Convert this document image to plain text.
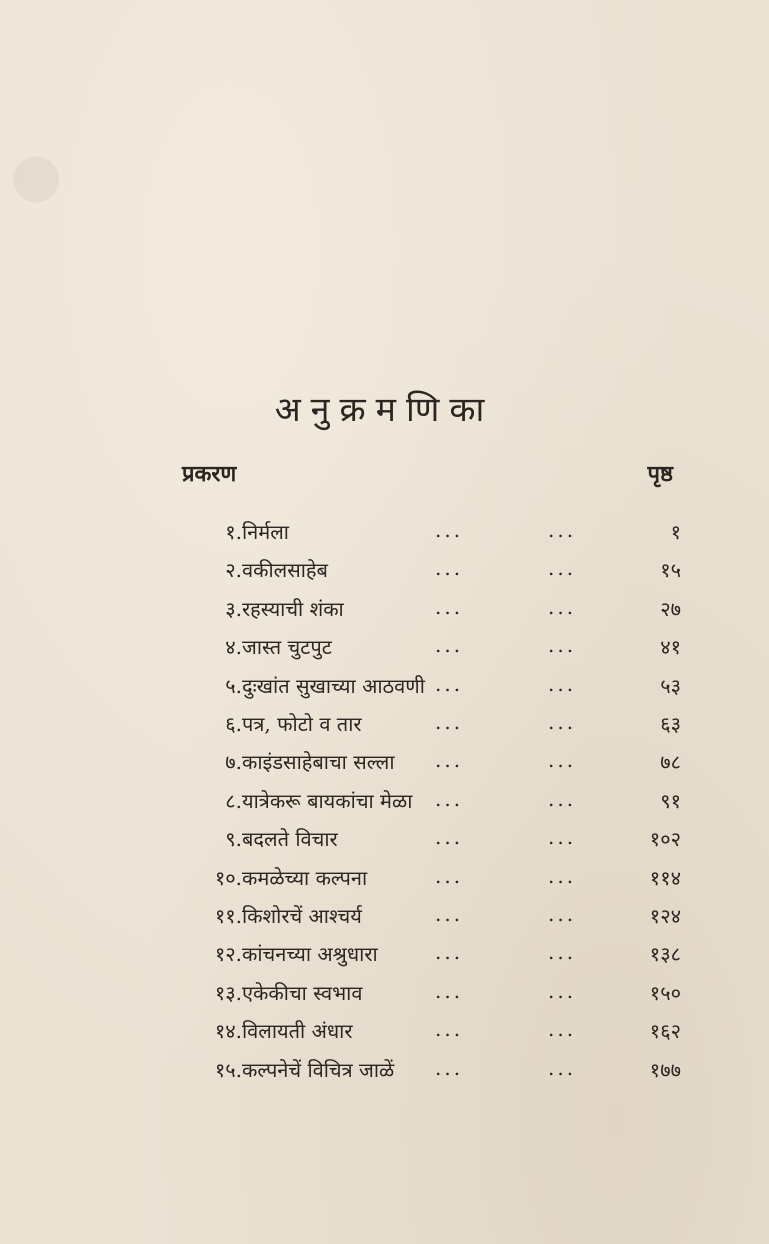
●
अनुक्रमणिका
प्रकरण	पृष्ठ
१. निर्मला	...	...	१
२. वकीलसाहेब	...	...	१५
३. रहस्याची शंका	...	...	२७
४. जास्त चुटपुट	...	...	४१
५. दुःखांत सुखाच्या आठवणी ...	...	५३
६. पत्र, फोटो व तार	...	...	६३
७. काइंडसाहेबाचा सल्ला ...	...	७८
८. यात्रेकरू बायकांचा मेळा ...	...	९१
९. बदलते विचार	...	...	१०२
१०. कमळेच्या कल्पना	...	...	११४
११. किशोरचें आश्चर्य	...	...	१२४
१२. कांचनच्या अश्रुधारा	...	...	१३८
१३. एकेकीचा स्वभाव	...	...	१५०
१४. विलायती अंधार	...	...	१६२
१५. कल्पनेचें विचित्र जाळें ...	...	१७७
